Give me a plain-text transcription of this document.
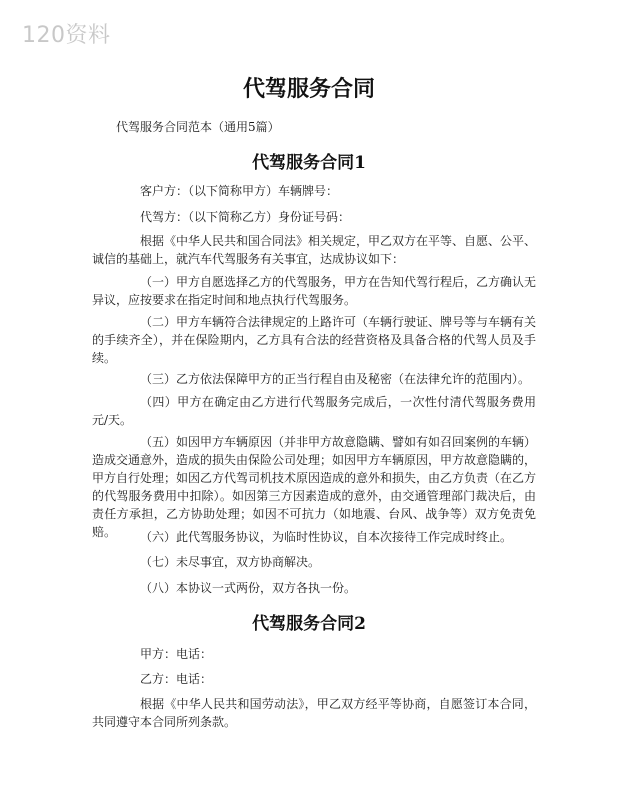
120资料
代驾服务合同
代驾服务合同范本（通用5篇）
代驾服务合同1
客户方：（以下简称甲方）车辆牌号：
代驾方：（以下简称乙方）身份证号码：
根据《中华人民共和国合同法》相关规定，甲乙双方在平等、自愿、公平、诚信的基础上，就汽车代驾服务有关事宜，达成协议如下：
（一）甲方自愿选择乙方的代驾服务，甲方在告知代驾行程后，乙方确认无异议，应按要求在指定时间和地点执行代驾服务。
（二）甲方车辆符合法律规定的上路许可（车辆行驶证、牌号等与车辆有关的手续齐全），并在保险期内，乙方具有合法的经营资格及具备合格的代驾人员及手续。
（三）乙方依法保障甲方的正当行程自由及秘密（在法律允许的范围内）。
（四）甲方在确定由乙方进行代驾服务完成后，一次性付清代驾服务费用元/天。
（五）如因甲方车辆原因（并非甲方故意隐瞒、譬如有如召回案例的车辆）造成交通意外，造成的损失由保险公司处理；如因甲方车辆原因，甲方故意隐瞒的，甲方自行处理；如因乙方代驾司机技术原因造成的意外和损失，由乙方负责（在乙方的代驾服务费用中扣除）。如因第三方因素造成的意外，由交通管理部门裁决后，由责任方承担，乙方协助处理；如因不可抗力（如地震、台风、战争等）双方免责免赔。	（六）此代驾服务协议，为临时性协议，自本次接待工作完成时终止。
（七）未尽事宜，双方协商解决。
（八）本协议一式两份，双方各执一份。
代驾服务合同2
甲方：电话：
乙方：电话：
根据《中华人民共和国劳动法》，甲乙双方经平等协商，自愿签订本合同，共同遵守本合同所列条款。
